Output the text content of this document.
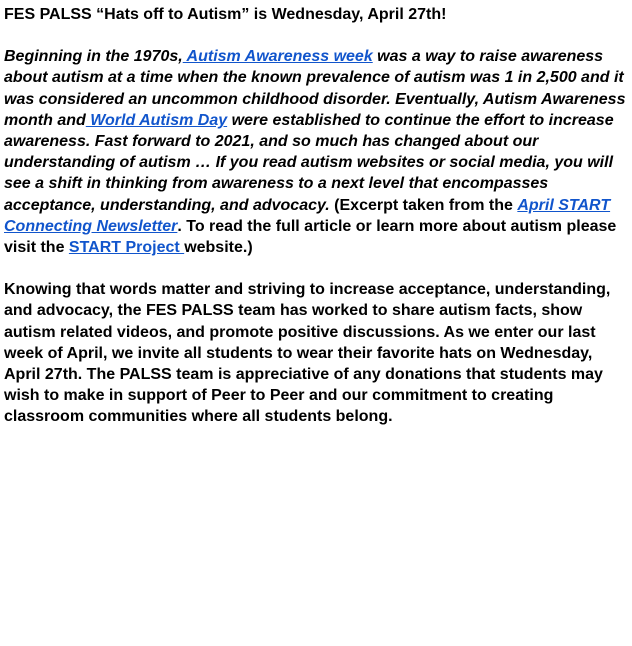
FES PALSS “Hats off to Autism” is Wednesday, April 27th!

Beginning in the 1970s, Autism Awareness week was a way to raise awareness about autism at a time when the known prevalence of autism was 1 in 2,500 and it was considered an uncommon childhood disorder. Eventually, Autism Awareness month and World Autism Day were established to continue the effort to increase awareness. Fast forward to 2021, and so much has changed about our understanding of autism … If you read autism websites or social media, you will see a shift in thinking from awareness to a next level that encompasses acceptance, understanding, and advocacy. (Excerpt taken from the April START Connecting Newsletter. To read the full article or learn more about autism please visit the START Project website.)

Knowing that words matter and striving to increase acceptance, understanding, and advocacy, the FES PALSS team has worked to share autism facts, show autism related videos, and promote positive discussions. As we enter our last week of April, we invite all students to wear their favorite hats on Wednesday, April 27th. The PALSS team is appreciative of any donations that students may wish to make in support of Peer to Peer and our commitment to creating classroom communities where all students belong.
